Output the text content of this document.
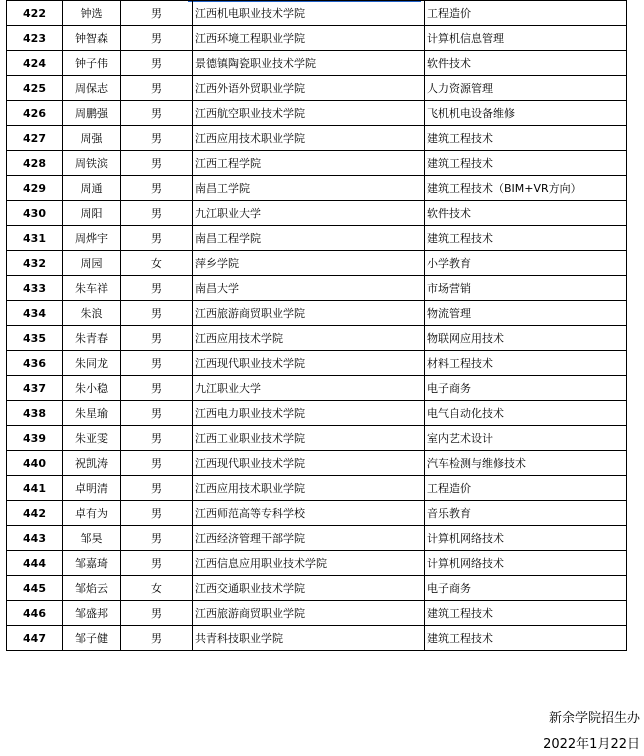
422	钟选	男	江西机电职业技术学院	工程造价
423	钟智森	男	江西环境工程职业学院	计算机信息管理
424	钟子伟	男	景德镇陶瓷职业技术学院	软件技术
425	周保志	男	江西外语外贸职业学院	人力资源管理
426	周鹏强	男	江西航空职业技术学院	飞机机电设备维修
427	周强	男	江西应用技术职业学院	建筑工程技术
428	周铁滨	男	江西工程学院	建筑工程技术
429	周通	男	南昌工学院	建筑工程技术（BIM+VR方向）
430	周阳	男	九江职业大学	软件技术
431	周烨宇	男	南昌工程学院	建筑工程技术
432	周园	女	萍乡学院	小学教育
433	朱车祥	男	南昌大学	市场营销
434	朱浪	男	江西旅游商贸职业学院	物流管理
435	朱青春	男	江西应用技术学院	物联网应用技术
436	朱同龙	男	江西现代职业技术学院	材料工程技术
437	朱小稳	男	九江职业大学	电子商务
438	朱星瑜	男	江西电力职业技术学院	电气自动化技术
439	朱亚雯	男	江西工业职业技术学院	室内艺术设计
440	祝凯涛	男	江西现代职业技术学院	汽车检测与维修技术
441	卓明清	男	江西应用技术职业学院	工程造价
442	卓有为	男	江西师范高等专科学校	音乐教育
443	邹昊	男	江西经济管理干部学院	计算机网络技术
444	邹嘉琦	男	江西信息应用职业技术学院	计算机网络技术
445	邹焰云	女	江西交通职业技术学院	电子商务
446	邹盛邦	男	江西旅游商贸职业学院	建筑工程技术
447	邹子健	男	共青科技职业学院	建筑工程技术
新余学院招生办
2022年1月22日
